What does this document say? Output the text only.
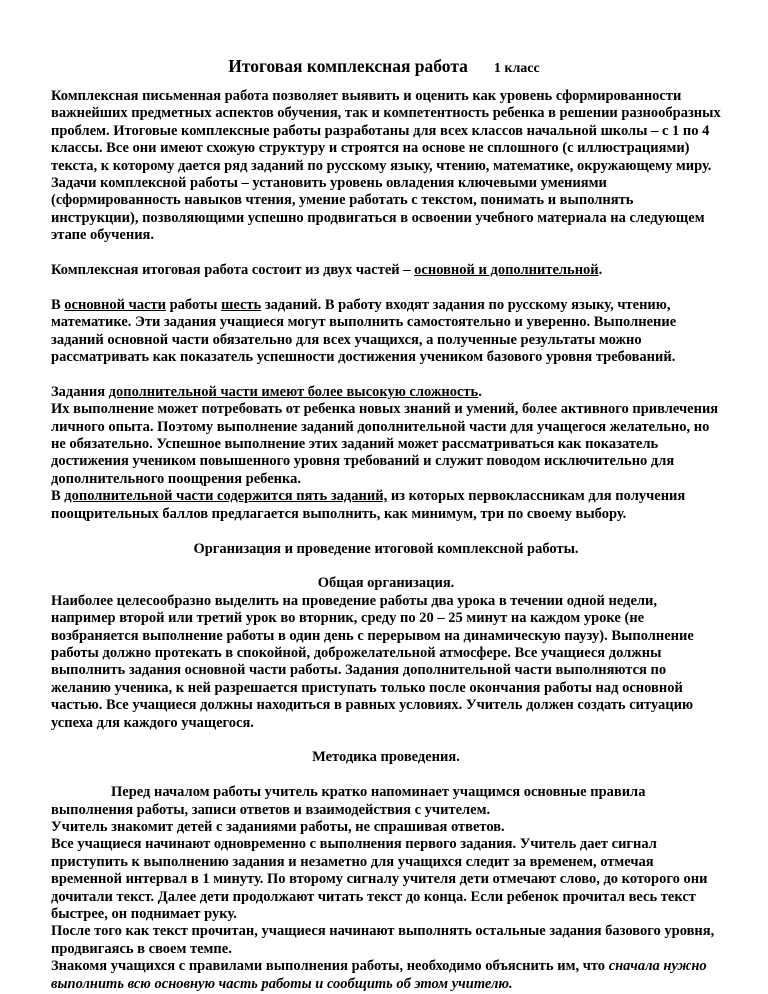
Итоговая комплексная работа 1 класс

Комплексная письменная работа позволяет выявить и оценить как уровень сформированности важнейших предметных аспектов обучения, так и компетентность ребенка в решении разнообразных проблем. Итоговые комплексные работы разработаны для всех классов начальной школы – с 1 по 4 классы. Все они имеют схожую структуру и строятся на основе не сплошного (с иллюстрациями) текста, к которому дается ряд заданий по русскому языку, чтению, математике, окружающему миру. Задачи комплексной работы – установить уровень овладения ключевыми умениями (сформированность навыков чтения, умение работать с текстом, понимать и выполнять инструкции), позволяющими успешно продвигаться в освоении учебного материала на следующем этапе обучения.

Комплексная итоговая работа состоит из двух частей – основной и дополнительной.

В основной части работы шесть заданий. В работу входят задания по русскому языку, чтению, математике. Эти задания учащиеся могут выполнить самостоятельно и уверенно. Выполнение заданий основной части обязательно для всех учащихся, а полученные результаты можно рассматривать как показатель успешности достижения учеником базового уровня требований.

Задания дополнительной части имеют более высокую сложность.

Их выполнение может потребовать от ребенка новых знаний и умений, более активного привлечения личного опыта. Поэтому выполнение заданий дополнительной части для учащегося желательно, но не обязательно. Успешное выполнение этих заданий может рассматриваться как показатель достижения учеником повышенного уровня требований и служит поводом исключительно для дополнительного поощрения ребенка.

В дополнительной части содержится пять заданий, из которых первоклассникам для получения поощрительных баллов предлагается выполнить, как минимум, три по своему выбору.

Организация и проведение итоговой комплексной работы.

Общая организация.

Наиболее целесообразно выделить на проведение работы два урока в течении одной недели, например второй или третий урок во вторник, среду по 20 – 25 минут на каждом уроке (не возбраняется выполнение работы в один день с перерывом на динамическую паузу). Выполнение работы должно протекать в спокойной, доброжелательной атмосфере. Все учащиеся должны выполнить задания основной части работы. Задания дополнительной части выполняются по желанию ученика, к ней разрешается приступать только после окончания работы над основной частью. Все учащиеся должны находиться в равных условиях. Учитель должен создать ситуацию успеха для каждого учащегося.

Методика проведения.

Перед началом работы учитель кратко напоминает учащимся основные правила выполнения работы, записи ответов и взаимодействия с учителем.

Учитель знакомит детей с заданиями работы, не спрашивая ответов.

Все учащиеся начинают одновременно с выполнения первого задания. Учитель дает сигнал приступить к выполнению задания и незаметно для учащихся следит за временем, отмечая временной интервал в 1 минуту. По второму сигналу учителя дети отмечают слово, до которого они дочитали текст. Далее дети продолжают читать текст до конца. Если ребенок прочитал весь текст быстрее, он поднимает руку.

После того как текст прочитан, учащиеся начинают выполнять остальные задания базового уровня, продвигаясь в своем темпе.

Знакомя учащихся с правилами выполнения работы, необходимо объяснить им, что сначала нужно выполнить всю основную часть работы и сообщить об этом учителю.
